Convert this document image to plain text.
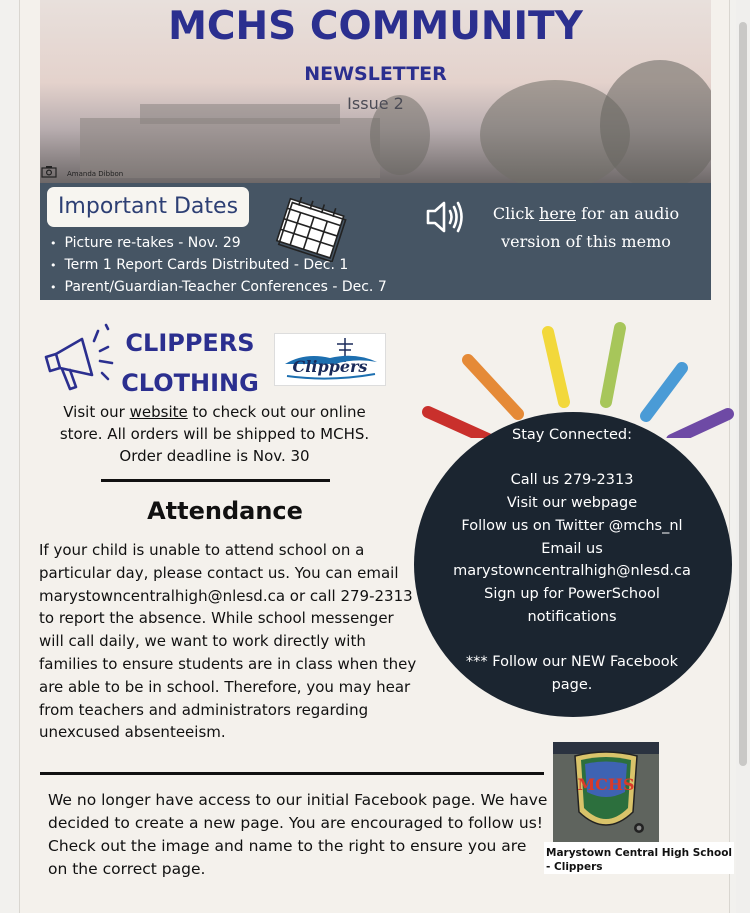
MCHS COMMUNITY
NEWSLETTER
Issue 2
Amanda Dibbon
Important Dates
• Picture re-takes - Nov. 29
• Term 1 Report Cards Distributed - Dec. 1
• Parent/Guardian-Teacher Conferences - Dec. 7
Click here for an audio
version of this memo
CLIPPERS
CLOTHING
Clippers
Visit our website to check out our online store. All orders will be shipped to MCHS.
Order deadline is Nov. 30
Attendance
If your child is unable to attend school on a particular day, please contact us. You can email marystowncentralhigh@nlesd.ca or call 279-2313 to report the absence. While school messenger will call daily, we want to work directly with families to ensure students are in class when they are able to be in school. Therefore, you may hear from teachers and administrators regarding unexcused absenteeism.
We no longer have access to our initial Facebook page. We have decided to create a new page. You are encouraged to follow us! Check out the image and name to the right to ensure you are on the correct page.
Stay Connected:
Call us 279-2313
Visit our webpage
Follow us on Twitter @mchs_nl
Email us
marystowncentralhigh@nlesd.ca
Sign up for PowerSchool notifications
*** Follow our NEW Facebook page.
MCHS
Marystown Central High School - Clippers
